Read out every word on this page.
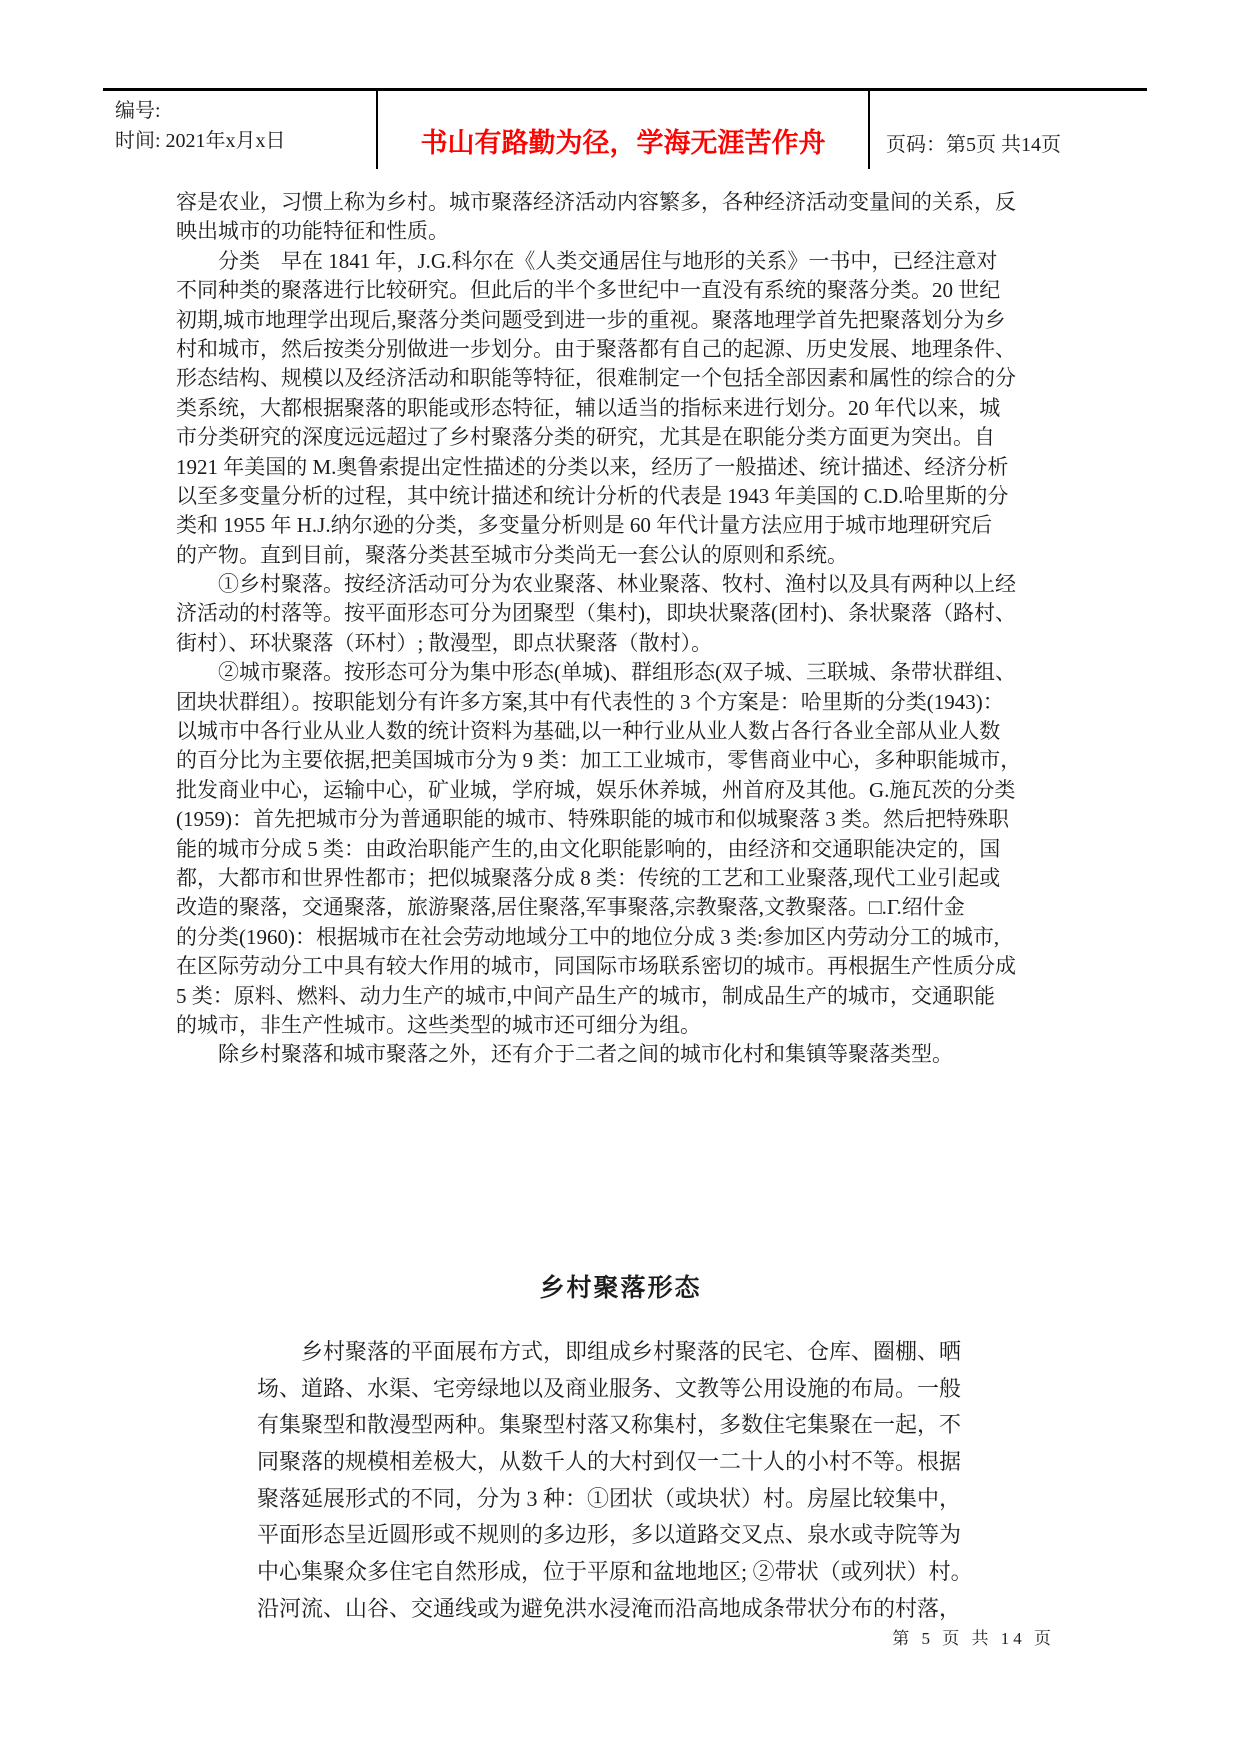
编号:
时间: 2021年x月x日	书山有路勤为径，学海无涯苦作舟	页码：第5页 共14页
容是农业，习惯上称为乡村。城市聚落经济活动内容繁多，各种经济活动变量间的关系，反
映出城市的功能特征和性质。
　　分类　早在 1841 年，J.G.科尔在《人类交通居住与地形的关系》一书中，已经注意对
不同种类的聚落进行比较研究。但此后的半个多世纪中一直没有系统的聚落分类。20 世纪
初期,城市地理学出现后,聚落分类问题受到进一步的重视。聚落地理学首先把聚落划分为乡
村和城市，然后按类分别做进一步划分。由于聚落都有自己的起源、历史发展、地理条件、
形态结构、规模以及经济活动和职能等特征，很难制定一个包括全部因素和属性的综合的分
类系统，大都根据聚落的职能或形态特征，辅以适当的指标来进行划分。20 年代以来，城
市分类研究的深度远远超过了乡村聚落分类的研究，尤其是在职能分类方面更为突出。自
1921 年美国的 M.奥鲁索提出定性描述的分类以来，经历了一般描述、统计描述、经济分析
以至多变量分析的过程，其中统计描述和统计分析的代表是 1943 年美国的 C.D.哈里斯的分
类和 1955 年 H.J.纳尔逊的分类，多变量分析则是 60 年代计量方法应用于城市地理研究后
的产物。直到目前，聚落分类甚至城市分类尚无一套公认的原则和系统。
　　①乡村聚落。按经济活动可分为农业聚落、林业聚落、牧村、渔村以及具有两种以上经
济活动的村落等。按平面形态可分为团聚型（集村)，即块状聚落(团村)、条状聚落（路村、
街村）、环状聚落（环村）; 散漫型，即点状聚落（散村）。
　　②城市聚落。按形态可分为集中形态(单城)、群组形态(双子城、三联城、条带状群组、
团块状群组）。按职能划分有许多方案,其中有代表性的 3 个方案是：哈里斯的分类(1943)：
以城市中各行业从业人数的统计资料为基础,以一种行业从业人数占各行各业全部从业人数
的百分比为主要依据,把美国城市分为 9 类：加工工业城市，零售商业中心，多种职能城市，
批发商业中心，运输中心，矿业城，学府城，娱乐休养城，州首府及其他。G.施瓦茨的分类
(1959)：首先把城市分为普通职能的城市、特殊职能的城市和似城聚落 3 类。然后把特殊职
能的城市分成 5 类：由政治职能产生的,由文化职能影响的，由经济和交通职能决定的，国
都，大都市和世界性都市；把似城聚落分成 8 类：传统的工艺和工业聚落,现代工业引起或
改造的聚落，交通聚落，旅游聚落,居住聚落,军事聚落,宗教聚落,文教聚落。□.Γ.绍什金
的分类(1960)：根据城市在社会劳动地域分工中的地位分成 3 类:参加区内劳动分工的城市,
在区际劳动分工中具有较大作用的城市，同国际市场联系密切的城市。再根据生产性质分成
5 类：原料、燃料、动力生产的城市,中间产品生产的城市，制成品生产的城市，交通职能
的城市，非生产性城市。这些类型的城市还可细分为组。
　　除乡村聚落和城市聚落之外，还有介于二者之间的城市化村和集镇等聚落类型。
乡村聚落形态
　　乡村聚落的平面展布方式，即组成乡村聚落的民宅、仓库、圈棚、晒
场、道路、水渠、宅旁绿地以及商业服务、文教等公用设施的布局。一般
有集聚型和散漫型两种。集聚型村落又称集村，多数住宅集聚在一起，不
同聚落的规模相差极大，从数千人的大村到仅一二十人的小村不等。根据
聚落延展形式的不同，分为 3 种：①团状（或块状）村。房屋比较集中，
平面形态呈近圆形或不规则的多边形，多以道路交叉点、泉水或寺院等为
中心集聚众多住宅自然形成，位于平原和盆地地区; ②带状（或列状）村。
沿河流、山谷、交通线或为避免洪水浸淹而沿高地成条带状分布的村落，
第 5 页 共 14 页
